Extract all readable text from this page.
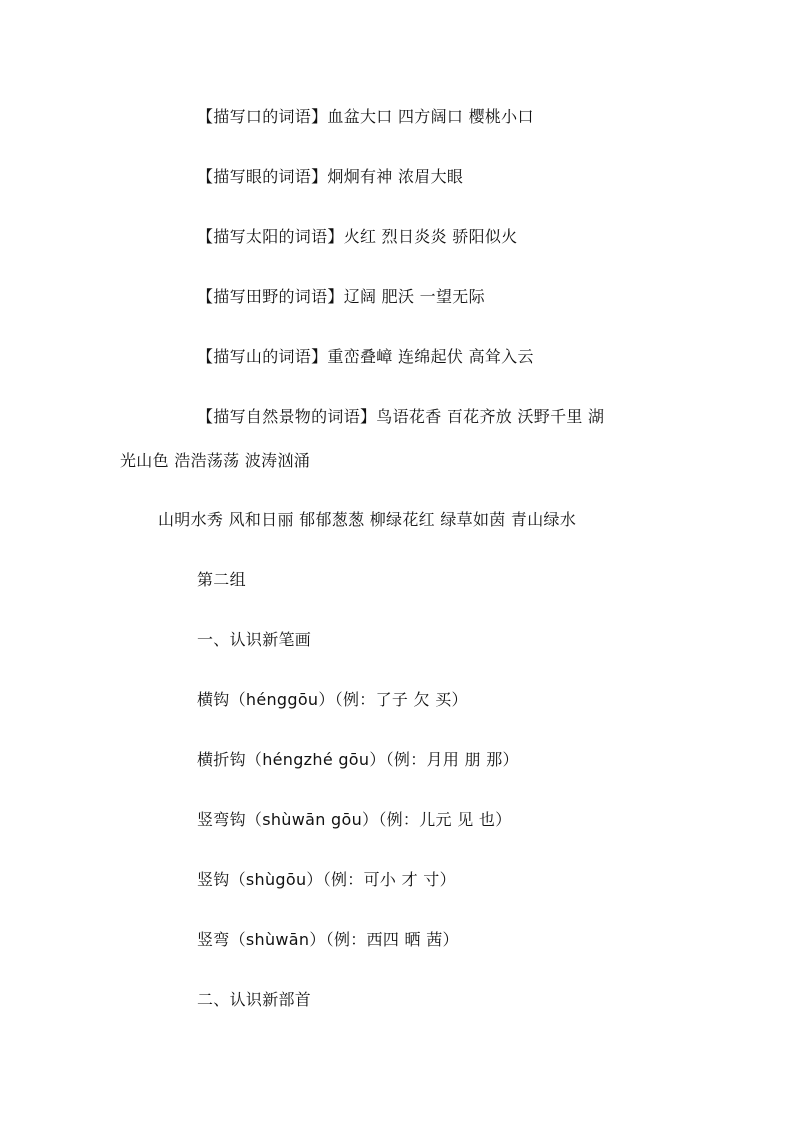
【描写口的词语】血盆大口 四方阔口 樱桃小口
【描写眼的词语】炯炯有神 浓眉大眼
【描写太阳的词语】火红 烈日炎炎 骄阳似火
【描写田野的词语】辽阔 肥沃 一望无际
【描写山的词语】重峦叠嶂 连绵起伏 高耸入云
【描写自然景物的词语】鸟语花香 百花齐放 沃野千里 湖
光山色 浩浩荡荡 波涛汹涌
山明水秀 风和日丽 郁郁葱葱 柳绿花红 绿草如茵 青山绿水
第二组
一、认识新笔画
横钩（hénggōu）（例：了子 欠 买）
横折钩（héngzhé gōu）（例：月用 朋 那）
竖弯钩（shùwān gōu）（例：儿元 见 也）
竖钩（shùgōu）（例：可小 才 寸）
竖弯（shùwān）（例：西四 晒 茜）
二、认识新部首
